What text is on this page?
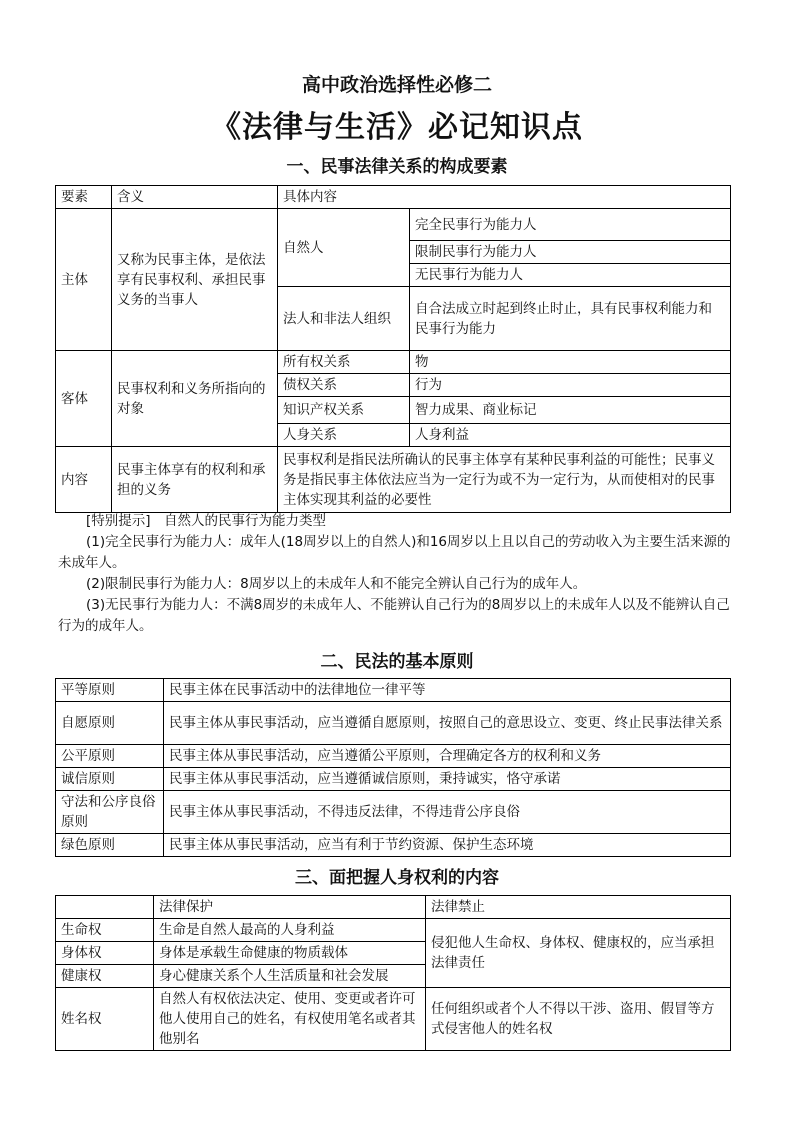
高中政治选择性必修二
《法律与生活》必记知识点
一、民事法律关系的构成要素
要素	含义	具体内容	
主体	又称为民事主体，是依法享有民事权利、承担民事义务的当事人	自然人	完全民事行为能力人
			限制民事行为能力人
			无民事行为能力人
		法人和非法人组织	自合法成立时起到终止时止，具有民事权利能力和民事行为能力
客体	民事权利和义务所指向的对象	所有权关系	物
		债权关系	行为
		知识产权关系	智力成果、商业标记
		人身关系	人身利益
内容	民事主体享有的权利和承担的义务	民事权利是指民法所确认的民事主体享有某种民事利益的可能性；民事义务是指民事主体依法应当为一定行为或不为一定行为，从而使相对的民事主体实现其利益的必要性	

[特别提示]　自然人的民事行为能力类型

(1)完全民事行为能力人：成年人(18周岁以上的自然人)和16周岁以上且以自己的劳动收入为主要生活来源的未成年人。

(2)限制民事行为能力人：8周岁以上的未成年人和不能完全辨认自己行为的成年人。

(3)无民事行为能力人：不满8周岁的未成年人、不能辨认自己行为的8周岁以上的未成年人以及不能辨认自己行为的成年人。

二、民法的基本原则
平等原则	民事主体在民事活动中的法律地位一律平等
自愿原则	民事主体从事民事活动，应当遵循自愿原则，按照自己的意思设立、变更、终止民事法律关系
公平原则	民事主体从事民事活动，应当遵循公平原则，合理确定各方的权利和义务
诚信原则	民事主体从事民事活动，应当遵循诚信原则，秉持诚实，恪守承诺
守法和公序良俗原则	民事主体从事民事活动，不得违反法律，不得违背公序良俗
绿色原则	民事主体从事民事活动，应当有利于节约资源、保护生态环境
三、面把握人身权利的内容
	法律保护	法律禁止
生命权	生命是自然人最高的人身利益	侵犯他人生命权、身体权、健康权的，应当承担法律责任
身体权	身体是承载生命健康的物质载体	
健康权	身心健康关系个人生活质量和社会发展	
姓名权	自然人有权依法决定、使用、变更或者许可他人使用自己的姓名，有权使用笔名或者其他别名	任何组织或者个人不得以干涉、盗用、假冒等方式侵害他人的姓名权
